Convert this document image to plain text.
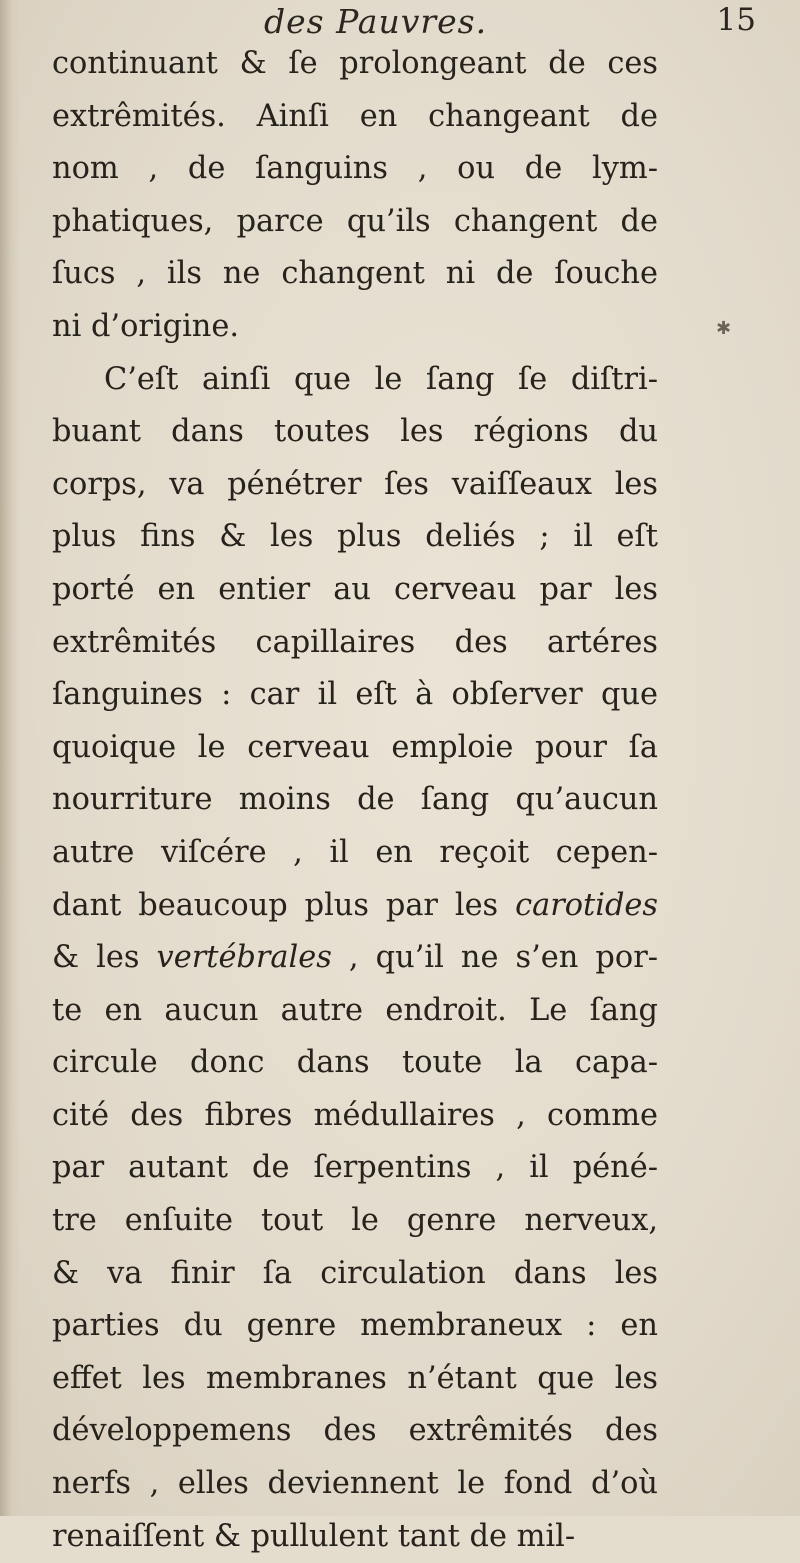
des Pauvres.	15
continuant & ſe prolongeant de ces
extrêmités. Ainſi en changeant de
nom , de ſanguins , ou de lym-
phatiques, parce qu’ils changent de
ſucs , ils ne changent ni de ſouche
ni d’origine.
C’eſt ainſi que le ſang ſe diſtri-
buant dans toutes les régions du
corps, va pénétrer ſes vaiſſeaux les
plus fins & les plus deliés ; il eſt
porté en entier au cerveau par les
extrêmités capillaires des artéres
ſanguines : car il eſt à obſerver que
quoique le cerveau emploie pour ſa
nourriture moins de ſang qu’aucun
autre viſcére , il en reçoit cepen-
dant beaucoup plus par les carotides
& les vertébrales , qu’il ne s’en por-
te en aucun autre endroit. Le ſang
circule donc dans toute la capa-
cité des fibres médullaires , comme
par autant de ſerpentins , il péné-
tre enſuite tout le genre nerveux,
& va finir ſa circulation dans les
parties du genre membraneux : en
effet les membranes n’étant que les
développemens des extrêmités des
nerfs , elles deviennent le fond d’où
renaiſſent & pullulent tant de mil-
✱
